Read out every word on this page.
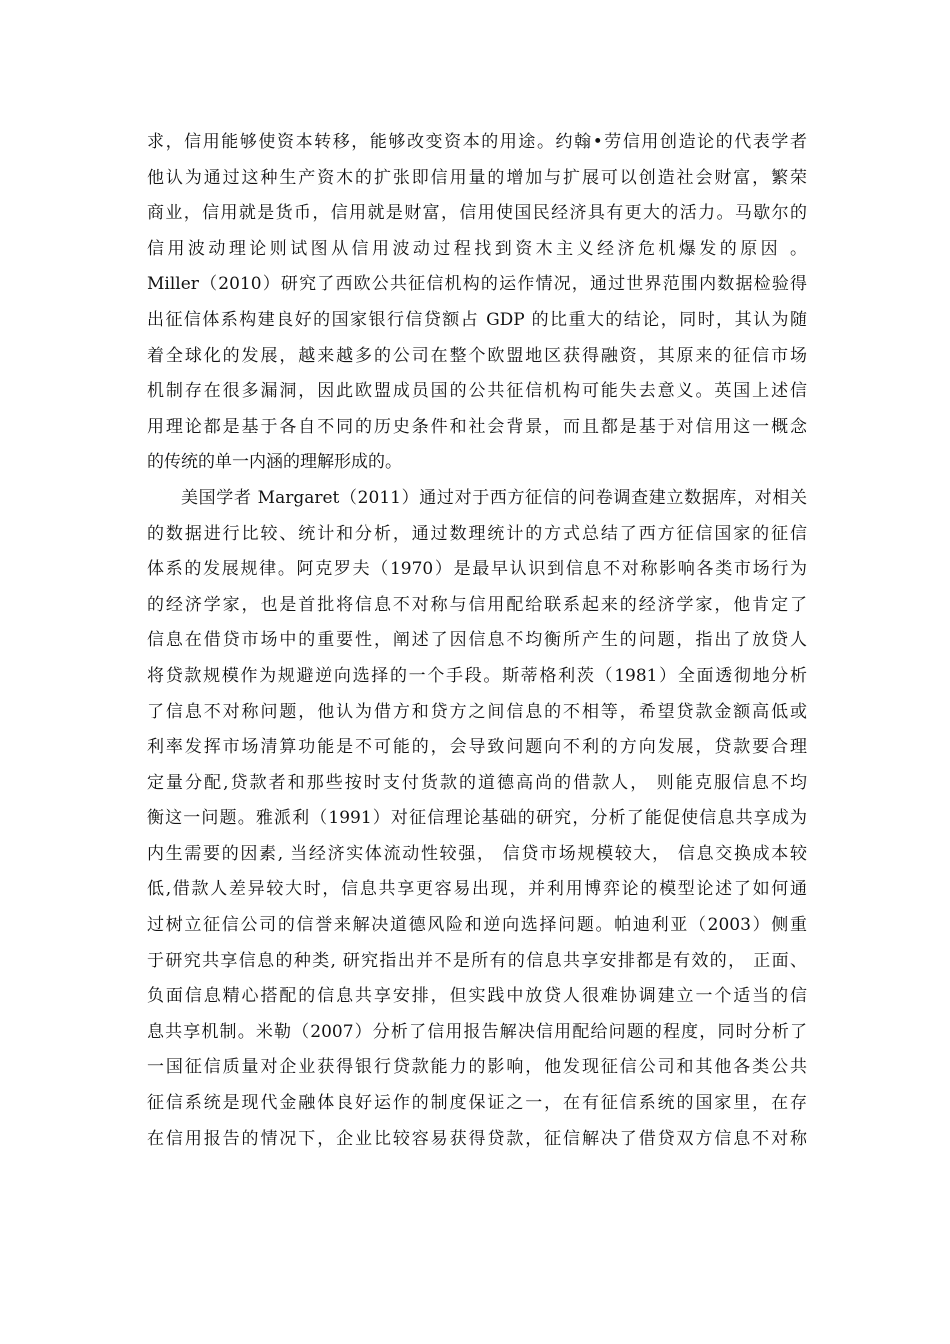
求，信用能够使资本转移，能够改变资本的用途。约翰•劳信用创造论的代表学者
他认为通过这种生产资木的扩张即信用量的增加与扩展可以创造社会财富，繁荣
商业，信用就是货币，信用就是财富，信用使国民经济具有更大的活力。马歇尔的
信用波动理论则试图从信用波动过程找到资木主义经济危机爆发的原因 。
Miller（2010）研究了西欧公共征信机构的运作情况，通过世界范围内数据检验得
出征信体系构建良好的国家银行信贷额占 GDP 的比重大的结论，同时，其认为随
着全球化的发展，越来越多的公司在整个欧盟地区获得融资，其原来的征信市场
机制存在很多漏洞，因此欧盟成员国的公共征信机构可能失去意义。英国上述信
用理论都是基于各自不同的历史条件和社会背景，而且都是基于对信用这一概念
的传统的单一内涵的理解形成的。
美国学者 Margaret（2011）通过对于西方征信的问卷调查建立数据库，对相关
的数据进行比较、统计和分析，通过数理统计的方式总结了西方征信国家的征信
体系的发展规律。阿克罗夫（1970）是最早认识到信息不对称影响各类市场行为
的经济学家，也是首批将信息不对称与信用配给联系起来的经济学家，他肯定了
信息在借贷市场中的重要性，阐述了因信息不均衡所产生的问题，指出了放贷人
将贷款规模作为规避逆向选择的一个手段。斯蒂格利茨（1981）全面透彻地分析
了信息不对称问题，他认为借方和贷方之间信息的不相等，希望贷款金额高低或
利率发挥市场清算功能是不可能的，会导致问题向不利的方向发展，贷款要合理
定量分配,贷款者和那些按时支付货款的道德高尚的借款人， 则能克服信息不均
衡这一问题。雅派利（1991）对征信理论基础的研究，分析了能促使信息共享成为
内生需要的因素, 当经济实体流动性较强， 信贷市场规模较大， 信息交换成本较
低,借款人差异较大时，信息共享更容易出现，并利用博弈论的模型论述了如何通
过树立征信公司的信誉来解决道德风险和逆向选择问题。帕迪利亚（2003）侧重
于研究共享信息的种类, 研究指出并不是所有的信息共享安排都是有效的， 正面、
负面信息精心搭配的信息共享安排，但实践中放贷人很难协调建立一个适当的信
息共享机制。米勒（2007）分析了信用报告解决信用配给问题的程度，同时分析了
一国征信质量对企业获得银行贷款能力的影响，他发现征信公司和其他各类公共
征信系统是现代金融体良好运作的制度保证之一，在有征信系统的国家里，在存
在信用报告的情况下，企业比较容易获得贷款，征信解决了借贷双方信息不对称
